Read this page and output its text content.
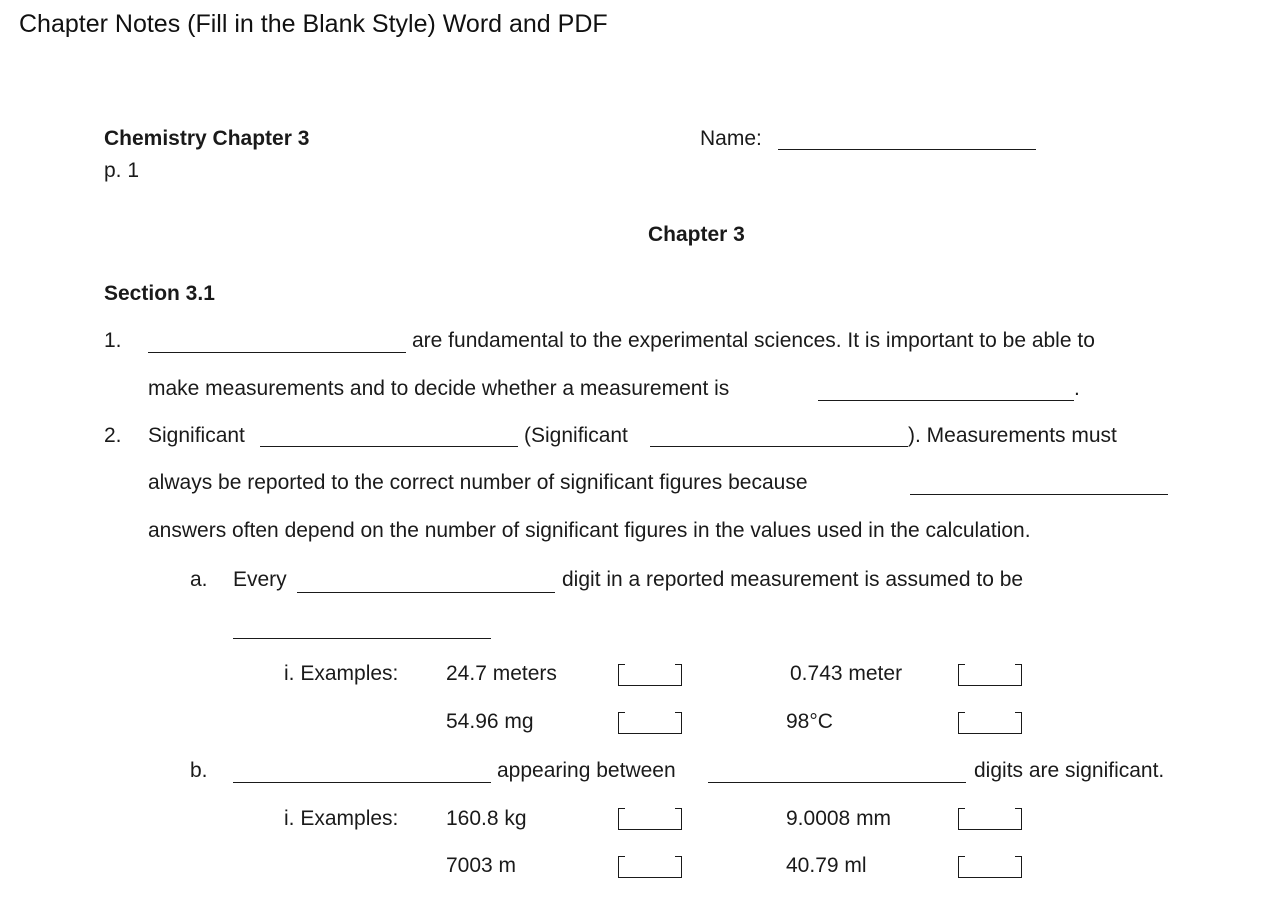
Chapter Notes (Fill in the Blank Style) Word and PDF
Chemistry Chapter 3
p. 1
Name:
Chapter 3
Section 3.1
1.	are fundamental to the experimental sciences. It is important to be able to
make measurements and to decide whether a measurement is	.
2. Significant	(Significant	). Measurements must
always be reported to the correct number of significant figures because
answers often depend on the number of significant figures in the values used in the calculation.
a. Every	digit in a reported measurement is assumed to be
i. Examples: 24.7 meters	0.743 meter
54.96 mg	98°C
b.	appearing between	digits are significant.
i. Examples: 160.8 kg	9.0008 mm
7003 m	40.79 ml
